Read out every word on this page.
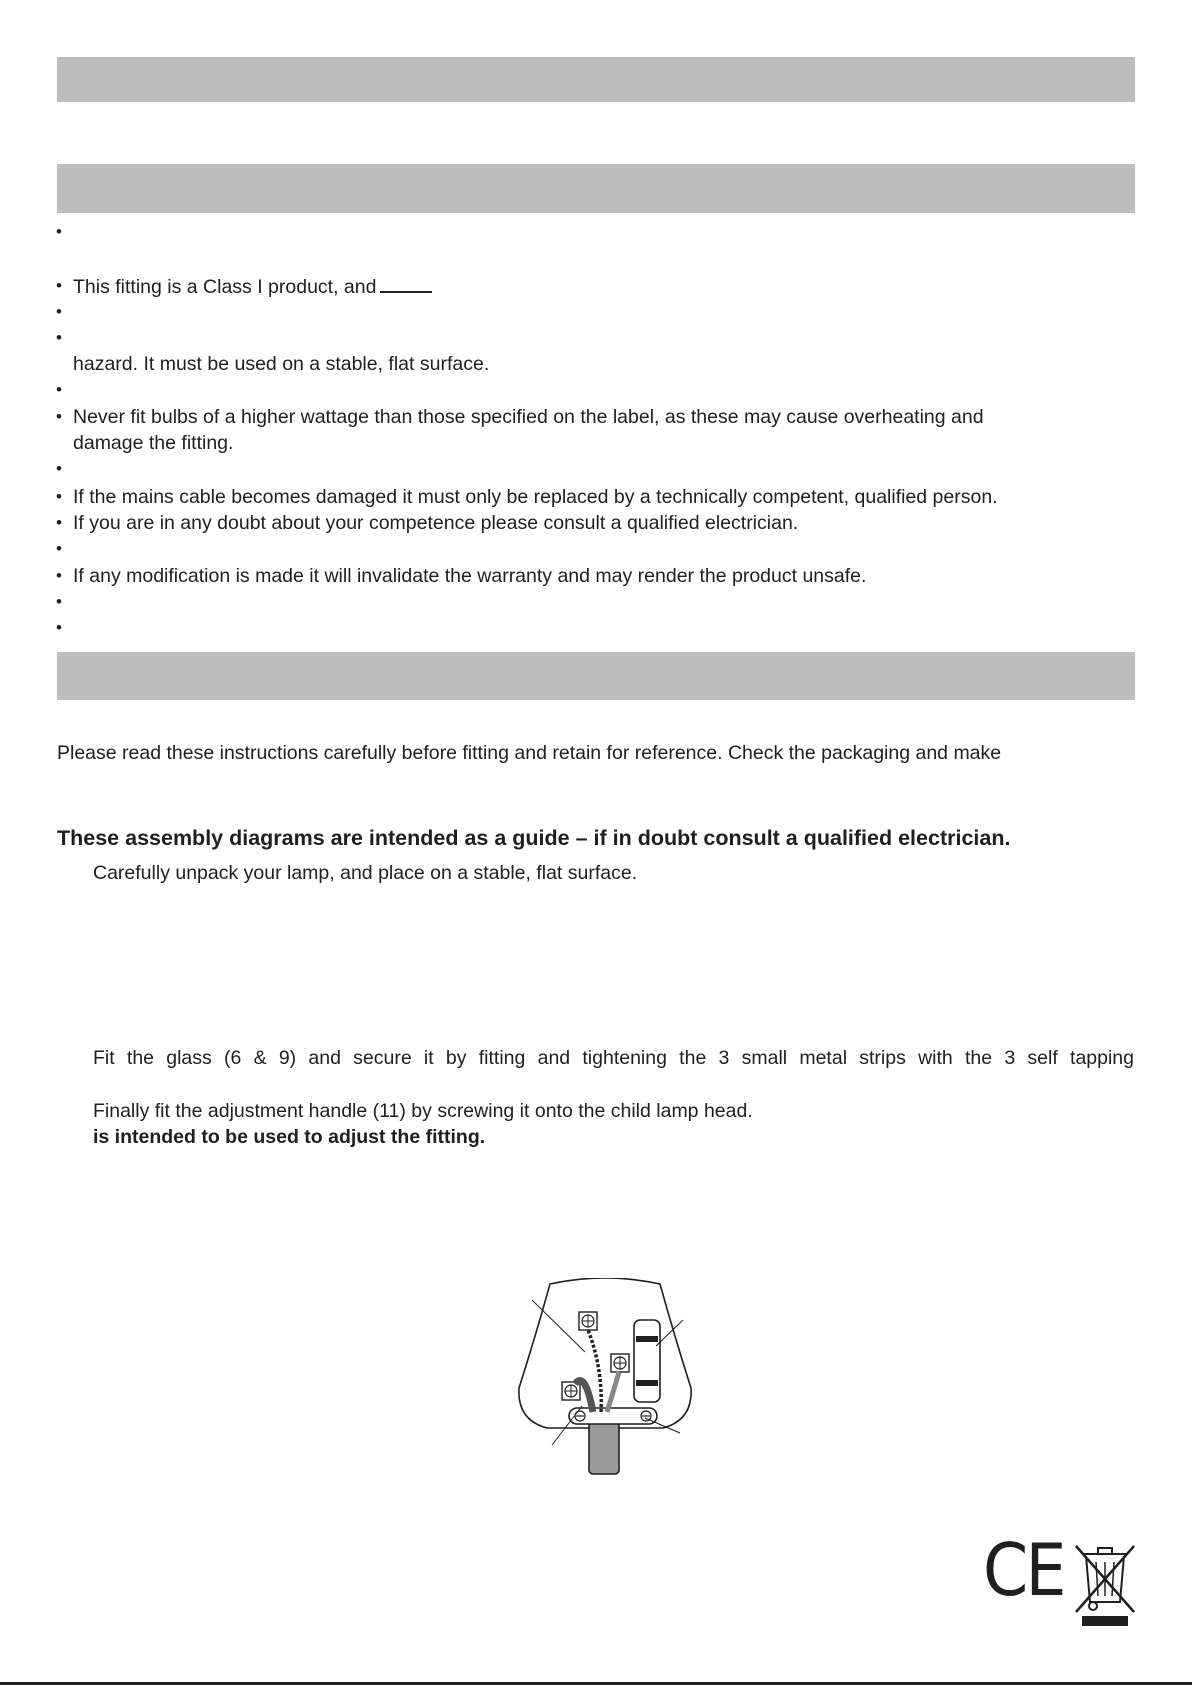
•
• This fitting is a Class I product, and
•
•
hazard. It must be used on a stable, flat surface.
•
• Never fit bulbs of a higher wattage than those specified on the label, as these may cause overheating and
damage the fitting.
•
• If the mains cable becomes damaged it must only be replaced by a technically competent, qualified person.
• If you are in any doubt about your competence please consult a qualified electrician.
•
• If any modification is made it will invalidate the warranty and may render the product unsafe.
•
•
Please read these instructions carefully before fitting and retain for reference. Check the packaging and make
These assembly diagrams are intended as a guide – if in doubt consult a qualified electrician.
Carefully unpack your lamp, and place on a stable, flat surface.
Fit the glass (6 & 9) and secure it by fitting and tightening the 3 small metal strips with the 3 self tapping
Finally fit the adjustment handle (11) by screwing it onto the child lamp head.
is intended to be used to adjust the fitting.
CE
